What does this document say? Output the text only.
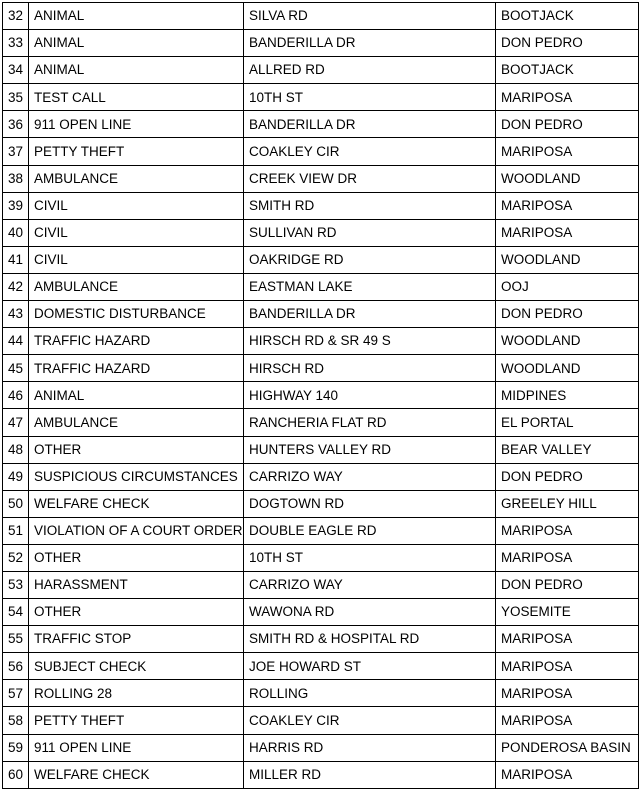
32	ANIMAL	SILVA RD	BOOTJACK
33	ANIMAL	BANDERILLA DR	DON PEDRO
34	ANIMAL	ALLRED RD	BOOTJACK
35	TEST CALL	10TH ST	MARIPOSA
36	911 OPEN LINE	BANDERILLA DR	DON PEDRO
37	PETTY THEFT	COAKLEY CIR	MARIPOSA
38	AMBULANCE	CREEK VIEW DR	WOODLAND
39	CIVIL	SMITH RD	MARIPOSA
40	CIVIL	SULLIVAN RD	MARIPOSA
41	CIVIL	OAKRIDGE RD	WOODLAND
42	AMBULANCE	EASTMAN LAKE	OOJ
43	DOMESTIC DISTURBANCE	BANDERILLA DR	DON PEDRO
44	TRAFFIC HAZARD	HIRSCH RD & SR 49 S	WOODLAND
45	TRAFFIC HAZARD	HIRSCH RD	WOODLAND
46	ANIMAL	HIGHWAY 140	MIDPINES
47	AMBULANCE	RANCHERIA FLAT RD	EL PORTAL
48	OTHER	HUNTERS VALLEY RD	BEAR VALLEY
49	SUSPICIOUS CIRCUMSTANCES	CARRIZO WAY	DON PEDRO
50	WELFARE CHECK	DOGTOWN RD	GREELEY HILL
51	VIOLATION OF A COURT ORDER	DOUBLE EAGLE RD	MARIPOSA
52	OTHER	10TH ST	MARIPOSA
53	HARASSMENT	CARRIZO WAY	DON PEDRO
54	OTHER	WAWONA RD	YOSEMITE
55	TRAFFIC STOP	SMITH RD & HOSPITAL RD	MARIPOSA
56	SUBJECT CHECK	JOE HOWARD ST	MARIPOSA
57	ROLLING 28	ROLLING	MARIPOSA
58	PETTY THEFT	COAKLEY CIR	MARIPOSA
59	911 OPEN LINE	HARRIS RD	PONDEROSA BASIN
60	WELFARE CHECK	MILLER RD	MARIPOSA
